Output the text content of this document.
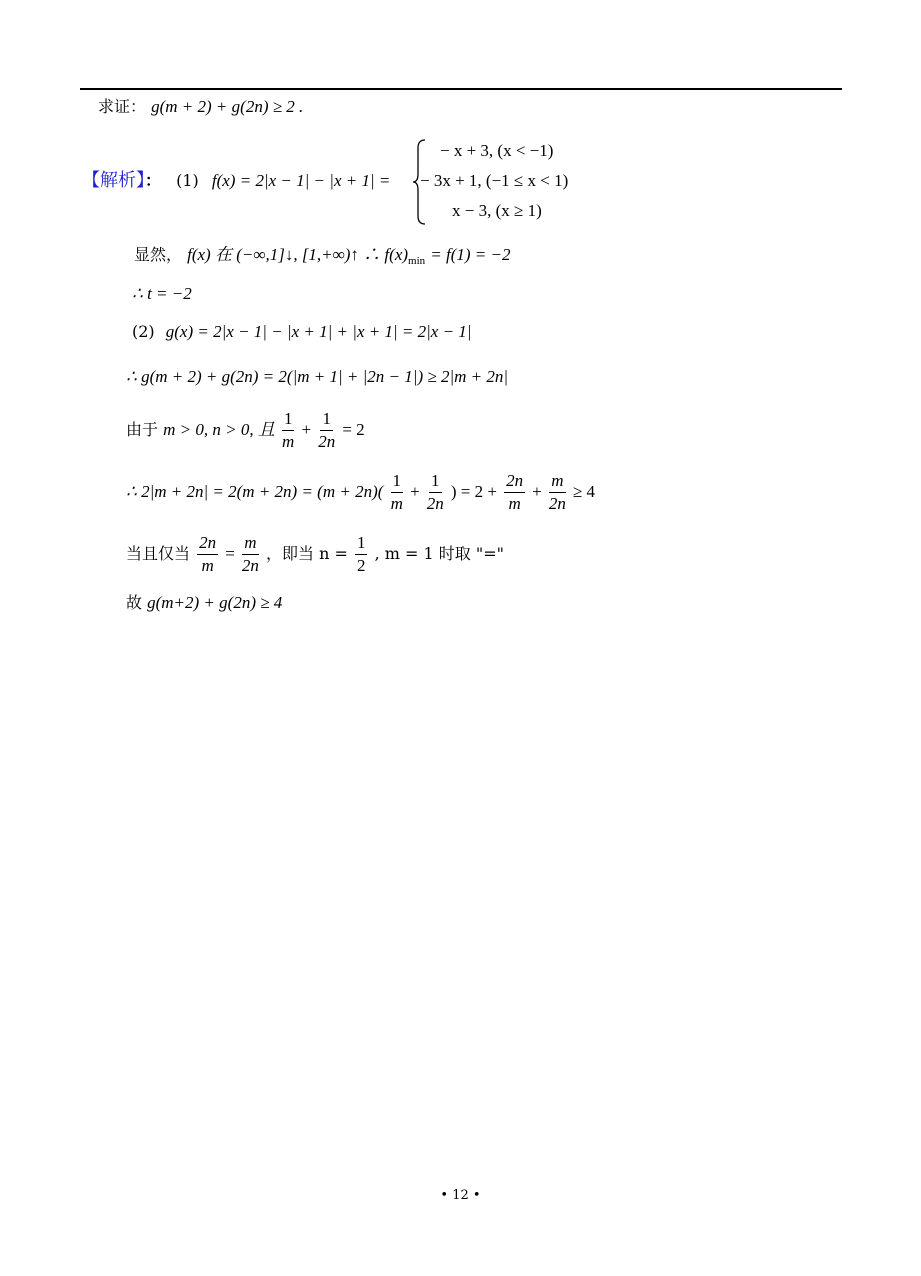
求证： g(m + 2) + g(2n) ≥ 2 .
【解析】： (1) f(x) = 2|x − 1| − |x + 1| =
− x + 3, (x < −1)
− 3x + 1, (−1 ≤ x < 1)
x − 3, (x ≥ 1)
显然， f(x) 在 (−∞,1]↓, [1,+∞)↑ ∴ $f(x)_{min} = f(1) = -2$
∴ t = −2
(2) g(x) = 2|x − 1| − |x + 1| + |x + 1| = 2|x − 1|
∴ g(m + 2) + g(2n) = 2(|m + 1| + |2n − 1|) ≥ 2|m + 2n|
由于 m > 0, n > 0, 且 $\frac{1}{m} + \frac{1}{2n} = 2$
∴ $2|m + 2n| = 2(m + 2n) = (m + 2n)( \frac{1}{m} + \frac{1}{2n}$ ) = $2 + \frac{2n}{m} + \frac{m}{2n} \ge 4$
当且仅当 $\frac{2n}{m} = \frac{m}{2n}$ ，即当 $n = \frac{1}{2}$ , m = 1 时取 "="
故 g(m+2) + g(2n) ≥ 4
• 12 •
